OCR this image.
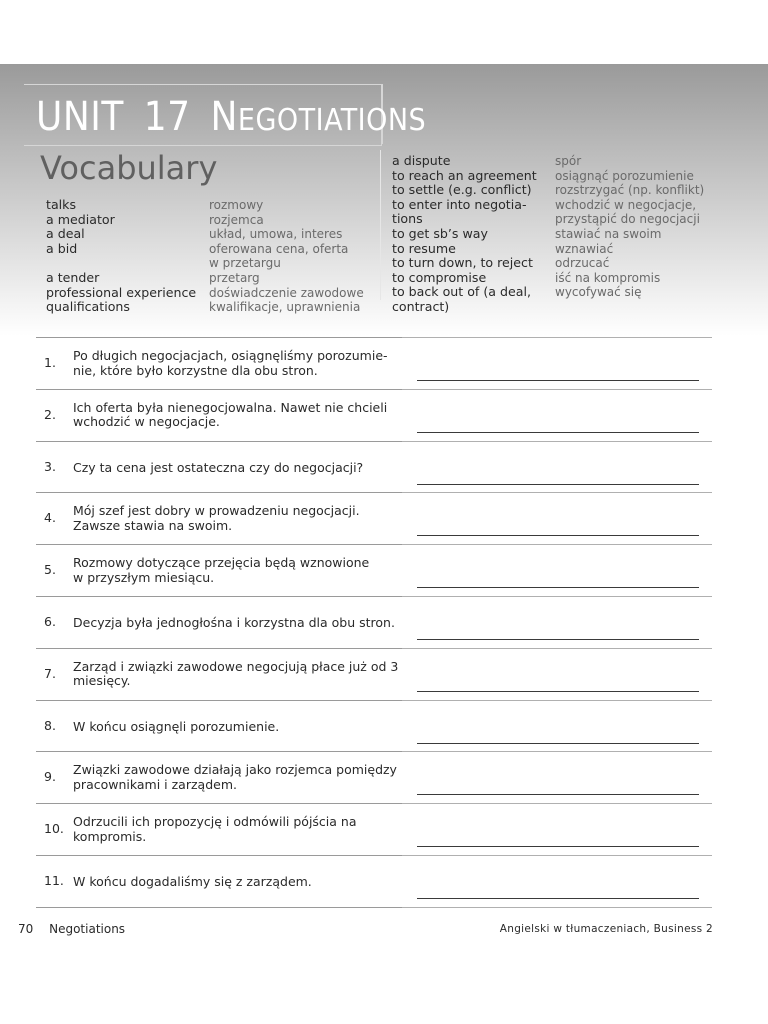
UNIT 17 NEGOTIATIONS
Vocabulary
talks
a mediator
a deal
a bid

a tender
professional experience
qualifications
rozmowy
rozjemca
układ, umowa, interes
oferowana cena, oferta
w przetargu
przetarg
doświadczenie zawodowe
kwalifikacje, uprawnienia
a dispute
to reach an agreement
to settle (e.g. conflict)
to enter into negotia-
tions
to get sb’s way
to resume
to turn down, to reject
to compromise
to back out of (a deal,
contract)
spór
osiągnąć porozumienie
rozstrzygać (np. konflikt)
wchodzić w negocjacje,
przystąpić do negocjacji
stawiać na swoim
wznawiać
odrzucać
iść na kompromis
wycofywać się

1. Po długich negocjacjach, osiągnęliśmy porozumie-
nie, które było korzystne dla obu stron.
2. Ich oferta była nienegocjowalna. Nawet nie chcieli
wchodzić w negocjacje.
3. Czy ta cena jest ostateczna czy do negocjacji?
4. Mój szef jest dobry w prowadzeniu negocjacji.
Zawsze stawia na swoim.
5. Rozmowy dotyczące przejęcia będą wznowione
w przyszłym miesiącu.
6. Decyzja była jednogłośna i korzystna dla obu stron.
7. Zarząd i związki zawodowe negocjują płace już od 3
miesięcy.
8. W końcu osiągnęli porozumienie.
9. Związki zawodowe działają jako rozjemca pomiędzy
pracownikami i zarządem.
10. Odrzucili ich propozycję i odmówili pójścia na
kompromis.
11. W końcu dogadaliśmy się z zarządem.
70 Negotiations	Angielski w tłumaczeniach, Business 2
